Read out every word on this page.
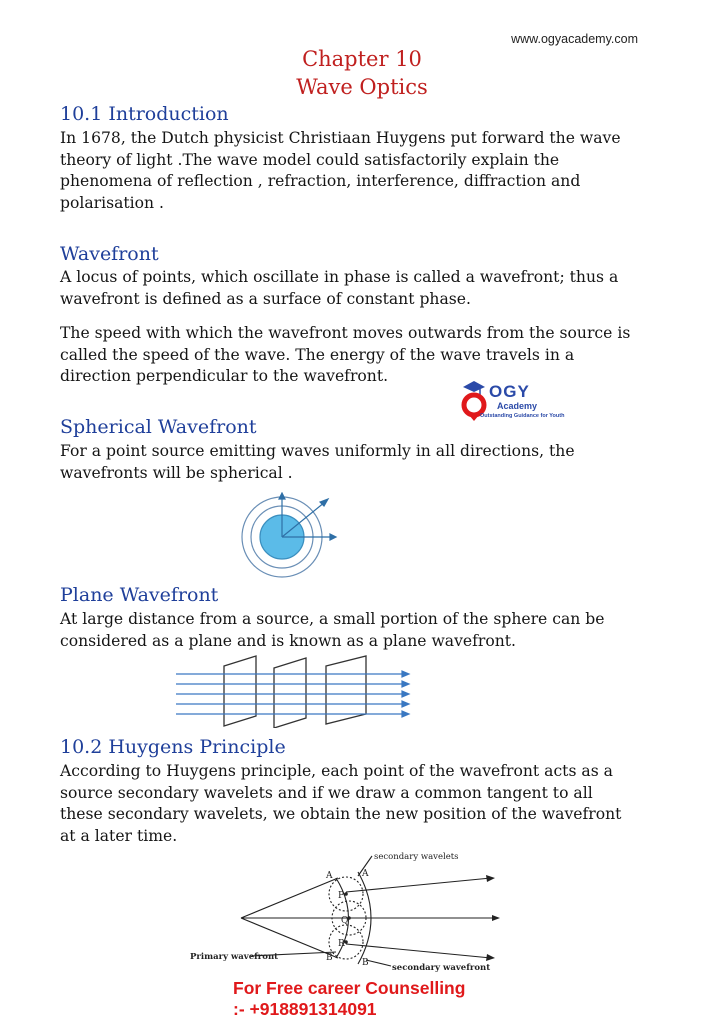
www.ogyacademy.com
Chapter 10
Wave Optics
10.1 Introduction
In 1678, the Dutch physicist Christiaan Huygens put forward the wave
theory of light .The wave model could satisfactorily explain the
phenomena of reflection , refraction, interference, diffraction and
polarisation .
Wavefront
A locus of points, which oscillate in phase is called a wavefront; thus a
wavefront is defined as a surface of constant phase.
The speed with which the wavefront moves outwards from the source is
called the speed of the wave. The energy of the wave travels in a
direction perpendicular to the wavefront.
OGY
Academy
Outstanding Guidance for Youth
Spherical Wavefront
For a point source emitting waves uniformly in all directions, the
wavefronts will be spherical .
Plane Wavefront
At large distance from a source, a small portion of the sphere can be
considered as a plane and is known as a plane wavefront.
10.2 Huygens Principle
According to Huygens principle, each point of the wavefront acts as a
source secondary wavelets and if we draw a common tangent to all
these secondary wavelets, we obtain the new position of the wavefront
at a later time.
secondary wavelets
Primary wavefront
secondary wavefront
A	A
P
Q
R
B	B
For Free career Counselling
:- +918891314091
